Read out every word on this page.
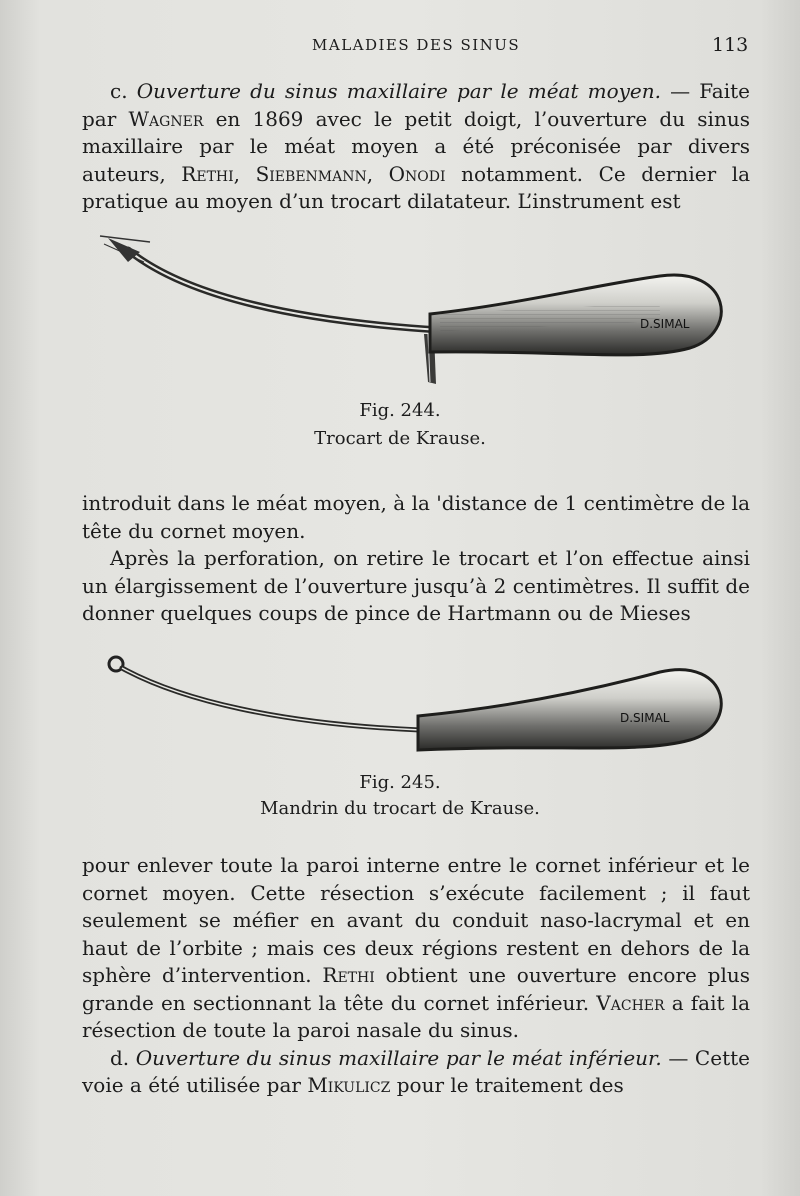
MALADIES DES SINUS	113

c. Ouverture du sinus maxillaire par le méat moyen. — Faite par Wagner en 1869 avec le petit doigt, l’ouverture du sinus maxillaire par le méat moyen a été préconisée par divers auteurs, Rethi, Siebenmann, Onodi notamment. Ce dernier la pratique au moyen d’un trocart dilatateur. L’instrument est

D.SIMAL
Fig. 244.
Trocart de Krause.

introduit dans le méat moyen, à la 'distance de 1 centimètre de la tête du cornet moyen.

Après la perforation, on retire le trocart et l’on effectue ainsi un élargissement de l’ouverture jusqu’à 2 centimètres. Il suffit de donner quelques coups de pince de Hartmann ou de Mieses

D.SIMAL
Fig. 245.
Mandrin du trocart de Krause.

pour enlever toute la paroi interne entre le cornet inférieur et le cornet moyen. Cette résection s’exécute facilement ; il faut seulement se méfier en avant du conduit naso-lacrymal et en haut de l’orbite ; mais ces deux régions restent en dehors de la sphère d’intervention. Rethi obtient une ouverture encore plus grande en sectionnant la tête du cornet inférieur. Vacher a fait la résection de toute la paroi nasale du sinus.

d. Ouverture du sinus maxillaire par le méat inférieur. — Cette voie a été utilisée par Mikulicz pour le traitement des
